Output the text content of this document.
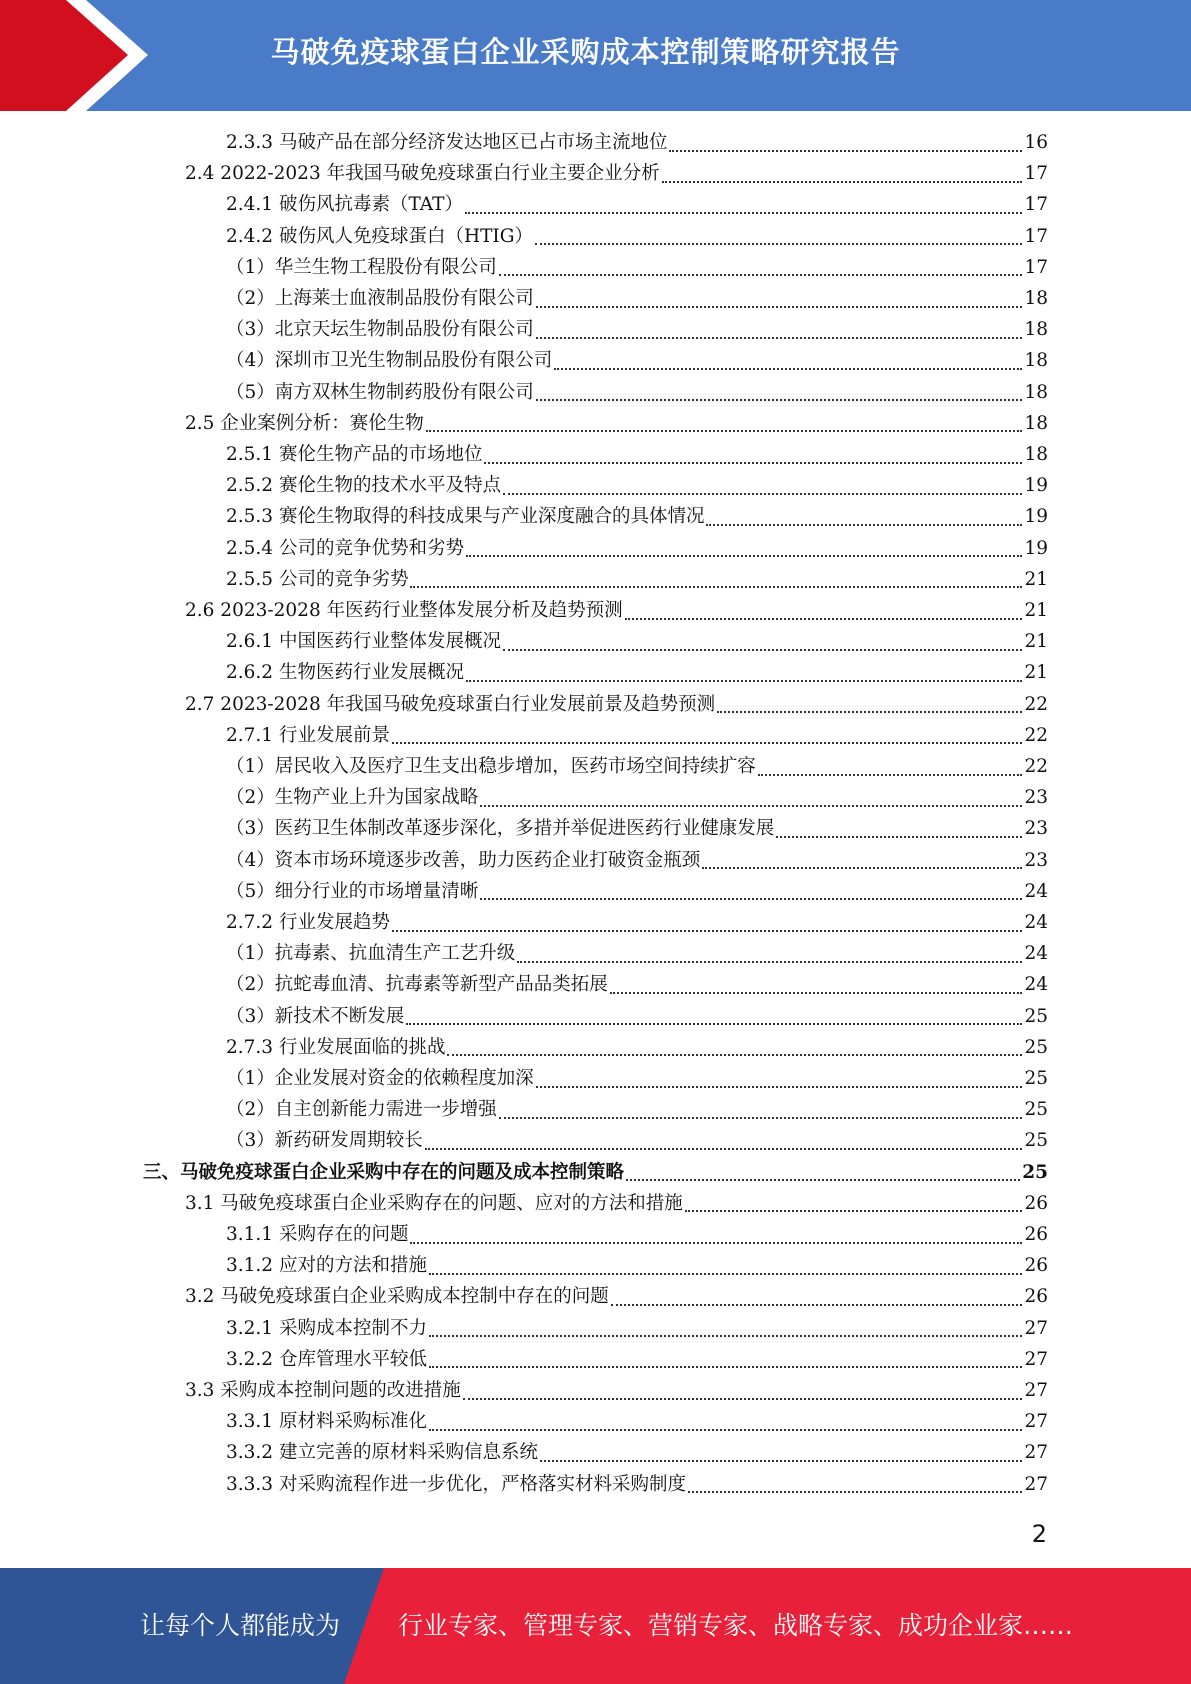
马破免疫球蛋白企业采购成本控制策略研究报告
2.3.3 马破产品在部分经济发达地区已占市场主流地位	16
2.4 2022-2023 年我国马破免疫球蛋白行业主要企业分析	17
2.4.1 破伤风抗毒素（TAT）	17
2.4.2 破伤风人免疫球蛋白（HTIG）	17
（1）华兰生物工程股份有限公司	17
（2）上海莱士血液制品股份有限公司	18
（3）北京天坛生物制品股份有限公司	18
（4）深圳市卫光生物制品股份有限公司	18
（5）南方双林生物制药股份有限公司	18
2.5 企业案例分析：赛伦生物	18
2.5.1 赛伦生物产品的市场地位	18
2.5.2 赛伦生物的技术水平及特点	19
2.5.3 赛伦生物取得的科技成果与产业深度融合的具体情况	19
2.5.4 公司的竞争优势和劣势	19
2.5.5 公司的竞争劣势	21
2.6 2023-2028 年医药行业整体发展分析及趋势预测	21
2.6.1 中国医药行业整体发展概况	21
2.6.2 生物医药行业发展概况	21
2.7 2023-2028 年我国马破免疫球蛋白行业发展前景及趋势预测	22
2.7.1 行业发展前景	22
（1）居民收入及医疗卫生支出稳步增加，医药市场空间持续扩容	22
（2）生物产业上升为国家战略	23
（3）医药卫生体制改革逐步深化，多措并举促进医药行业健康发展	23
（4）资本市场环境逐步改善，助力医药企业打破资金瓶颈	23
（5）细分行业的市场增量清晰	24
2.7.2 行业发展趋势	24
（1）抗毒素、抗血清生产工艺升级	24
（2）抗蛇毒血清、抗毒素等新型产品品类拓展	24
（3）新技术不断发展	25
2.7.3 行业发展面临的挑战	25
（1）企业发展对资金的依赖程度加深	25
（2）自主创新能力需进一步增强	25
（3）新药研发周期较长	25
三、马破免疫球蛋白企业采购中存在的问题及成本控制策略	25
3.1 马破免疫球蛋白企业采购存在的问题、应对的方法和措施	26
3.1.1 采购存在的问题	26
3.1.2 应对的方法和措施	26
3.2 马破免疫球蛋白企业采购成本控制中存在的问题	26
3.2.1 采购成本控制不力	27
3.2.2 仓库管理水平较低	27
3.3 采购成本控制问题的改进措施	27
3.3.1 原材料采购标准化	27
3.3.2 建立完善的原材料采购信息系统	27
3.3.3 对采购流程作进一步优化，严格落实材料采购制度	27
2
让每个人都能成为 行业专家、管理专家、营销专家、战略专家、成功企业家……
